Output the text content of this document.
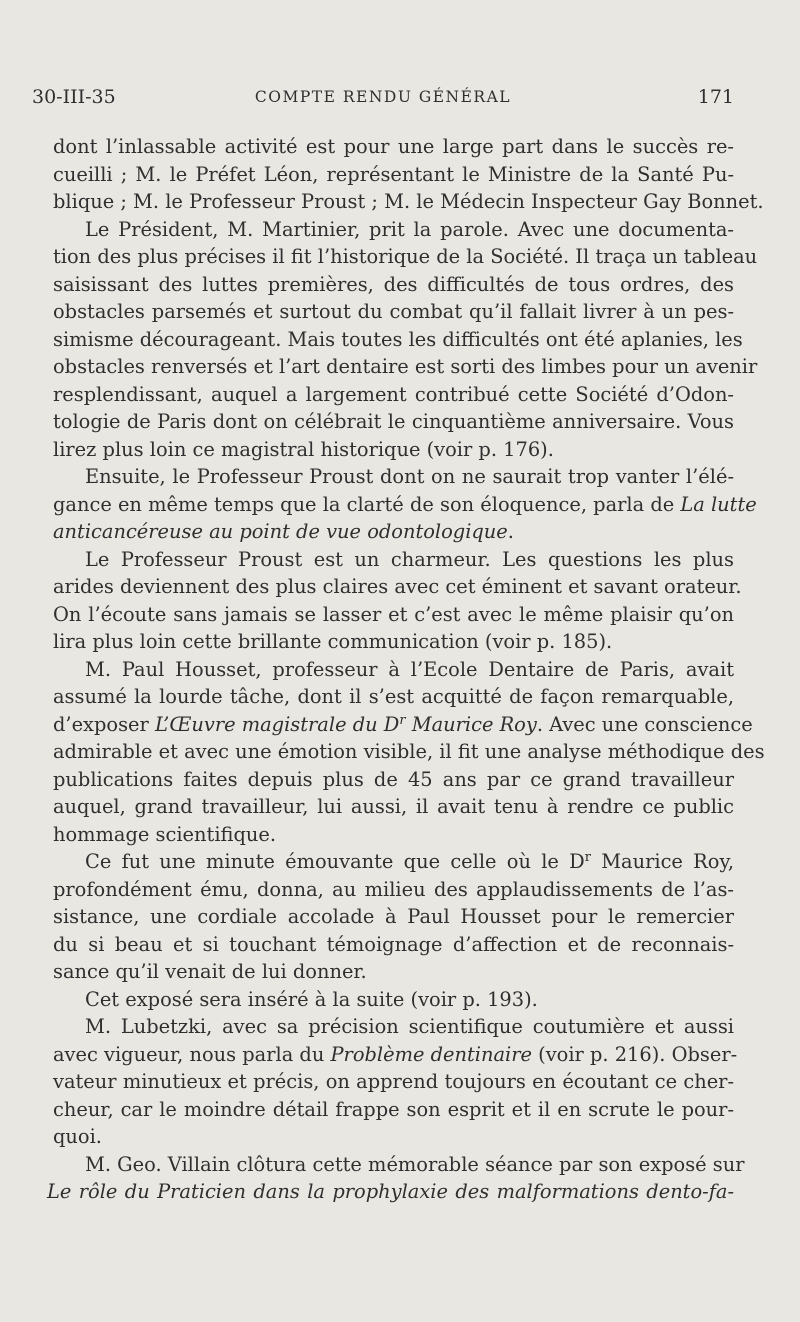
30-III-35	COMPTE RENDU GÉNÉRAL	171
dont l’inlassable activité est pour une large part dans le succès re-
cueilli ; M. le Préfet Léon, représentant le Ministre de la Santé Pu-
blique ; M. le Professeur Proust ; M. le Médecin Inspecteur Gay Bonnet.
Le Président, M. Martinier, prit la parole. Avec une documenta-
tion des plus précises il fit l’historique de la Société. Il traça un tableau
saisissant des luttes premières, des difficultés de tous ordres, des
obstacles parsemés et surtout du combat qu’il fallait livrer à un pes-
simisme décourageant. Mais toutes les difficultés ont été aplanies, les
obstacles renversés et l’art dentaire est sorti des limbes pour un avenir
resplendissant, auquel a largement contribué cette Société d’Odon-
tologie de Paris dont on célébrait le cinquantième anniversaire. Vous
lirez plus loin ce magistral historique (voir p. 176).
Ensuite, le Professeur Proust dont on ne saurait trop vanter l’élé-
gance en même temps que la clarté de son éloquence, parla de La lutte
anticancéreuse au point de vue odontologique.
Le Professeur Proust est un charmeur. Les questions les plus
arides deviennent des plus claires avec cet éminent et savant orateur.
On l’écoute sans jamais se lasser et c’est avec le même plaisir qu’on
lira plus loin cette brillante communication (voir p. 185).
M. Paul Housset, professeur à l’Ecole Dentaire de Paris, avait
assumé la lourde tâche, dont il s’est acquitté de façon remarquable,
d’exposer L’Œuvre magistrale du $D^r$ Maurice Roy. Avec une conscience
admirable et avec une émotion visible, il fit une analyse méthodique des
publications faites depuis plus de 45 ans par ce grand travailleur
auquel, grand travailleur, lui aussi, il avait tenu à rendre ce public
hommage scientifique.
Ce fut une minute émouvante que celle où le $D^r$ Maurice Roy,
profondément ému, donna, au milieu des applaudissements de l’as-
sistance, une cordiale accolade à Paul Housset pour le remercier
du si beau et si touchant témoignage d’affection et de reconnais-
sance qu’il venait de lui donner.
Cet exposé sera inséré à la suite (voir p. 193).
M. Lubetzki, avec sa précision scientifique coutumière et aussi
avec vigueur, nous parla du Problème dentinaire (voir p. 216). Obser-
vateur minutieux et précis, on apprend toujours en écoutant ce cher-
cheur, car le moindre détail frappe son esprit et il en scrute le pour-
quoi.
M. Geo. Villain clôtura cette mémorable séance par son exposé sur
Le rôle du Praticien dans la prophylaxie des malformations dento-fa-
